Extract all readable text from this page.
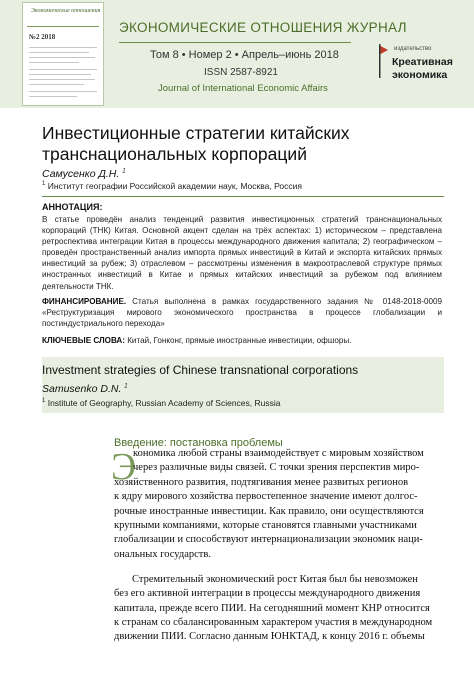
Экономические отношения
№2 2018
ЭКОНОМИЧЕСКИЕ ОТНОШЕНИЯ ЖУРНАЛ
Том 8 • Номер 2 • Апрель–июнь 2018
ISSN 2587-8921
Journal of International Economic Affairs
издательство
Креативная
экономика
Инвестиционные стратегии китайских транснациональных корпораций
Самусенко Д.Н. $^1$
$^1$ Институт географии Российской академии наук, Москва, Россия
АННОТАЦИЯ:
В статье проведён анализ тенденций развития инвестиционных стратегий транснациональных корпораций (ТНК) Китая. Основной акцент сделан на трёх аспектах: 1) историческом – представлена ретроспектива интеграции Китая в процессы международного движения капитала; 2) географическом – проведён пространственный анализ импорта прямых инвестиций в Китай и экспорта китайских прямых инвестиций за рубеж; 3) отраслевом – рассмотрены изменения в макроотраслевой структуре прямых иностранных инвестиций в Китае и прямых китайских инвестиций за рубежом под влиянием деятельности ТНК.
ФИНАНСИРОВАНИЕ. Статья выполнена в рамках государственного задания № 0148-2018-0009 «Реструктуризация мирового экономического пространства в процессе глобализации и постиндустриального перехода»
КЛЮЧЕВЫЕ СЛОВА: Китай, Гонконг, прямые иностранные инвестиции, офшоры.
Investment strategies of Chinese transnational corporations
Samusenko D.N. $^1$
$^1$ Institute of Geography, Russian Academy of Sciences, Russia
Введение: постановка проблемы
Э
кономика любой страны взаимодействует с мировым хозяйством
через различные виды связей. С точки зрения перспектив миро-
хозяйственного развития, подтягивания менее развитых регионов
к ядру мирового хозяйства первостепенное значение имеют долгос-
рочные иностранные инвестиции. Как правило, они осуществляются
крупными компаниями, которые становятся главными участниками
глобализации и способствуют интернационализации экономик наци-
ональных государств.
Стремительный экономический рост Китая был бы невозможен
без его активной интеграции в процессы международного движения
капитала, прежде всего ПИИ. На сегодняшний момент КНР относится
к странам со сбалансированным характером участия в международном
движении ПИИ. Согласно данным ЮНКТАД, к концу 2016 г. объемы
